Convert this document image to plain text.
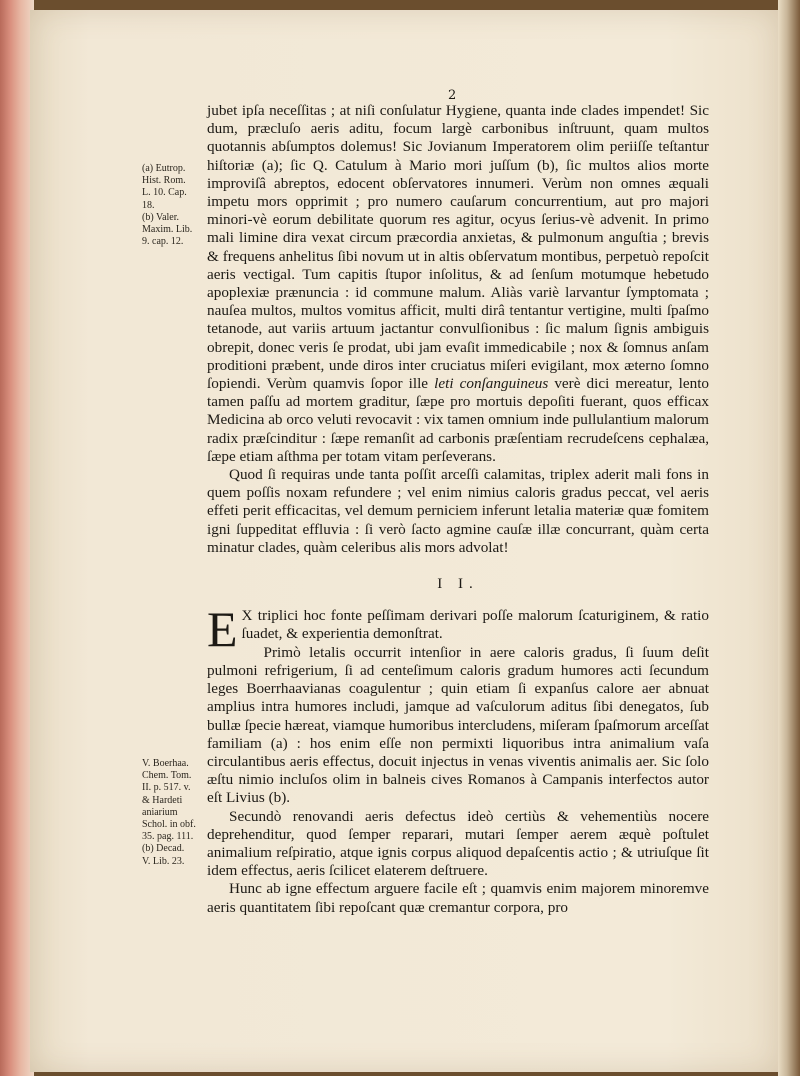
2
(a) Eutrop.
Hist. Rom.
L. 10. Cap.
18.
(b) Valer.
Maxim. Lib.
9. cap. 12.
V. Boerhaa.
Chem. Tom.
II. p. 517. v.
& Hardeti
aniarium
Schol. in obf.
35. pag. 111.
(b) Decad.
V. Lib. 23.

jubet ipſa neceſſitas ; at niſi conſulatur Hygiene, quanta inde clades impendet! Sic dum, præcluſo aeris aditu, focum largè carbonibus inſtruunt, quam multos quotannis abſumptos dolemus! Sic Jovianum Imperatorem olim periiſſe teſtantur hiſtoriæ (a); ſic Q. Catulum à Mario mori juſſum (b), ſic multos alios morte improviſâ abreptos, edocent obſervatores innumeri. Verùm non omnes æquali impetu mors opprimit ; pro numero cauſarum concurrentium, aut pro majori minori-vè eorum debilitate quorum res agitur, ocyus ſerius-vè advenit. In primo mali limine dira vexat circum præcordia anxietas, & pulmonum anguſtia ; brevis & frequens anhelitus ſibi novum ut in altis obſervatum montibus, perpetuò repoſcit aeris vectigal. Tum capitis ſtupor inſolitus, & ad ſenſum motumque hebetudo apoplexiæ prænuncia : id commune malum. Aliàs variè larvantur ſymptomata ; nauſea multos, multos vomitus afficit, multi dirâ tentantur vertigine, multi ſpaſmo tetanode, aut variis artuum jactantur convulſionibus : ſic malum ſignis ambiguis obrepit, donec veris ſe prodat, ubi jam evaſit immedicabile ; nox & ſomnus anſam proditioni præbent, unde diros inter cruciatus miſeri evigilant, mox æterno ſomno ſopiendi. Verùm quamvis ſopor ille leti conſanguineus verè dici mereatur, lento tamen paſſu ad mortem graditur, ſæpe pro mortuis depoſiti fuerant, quos efficax Medicina ab orco veluti revocavit : vix tamen omnium inde pullulantium malorum radix præſcinditur : ſæpe remanſit ad carbonis præſentiam recrudeſcens cephalæa, ſæpe etiam aſthma per totam vitam perſeverans.

Quod ſi requiras unde tanta poſſit arceſſi calamitas, triplex aderit mali fons in quem poſſis noxam refundere ; vel enim nimius caloris gradus peccat, vel aeris effeti perit efficacitas, vel demum perniciem inferunt letalia materiæ quæ fomitem igni ſuppeditat effluvia : ſi verò ſacto agmine cauſæ illæ concurrant, quàm certa minatur clades, quàm celeribus alis mors advolat!

I I.

E X triplici hoc fonte peſſimam derivari poſſe malorum ſcaturiginem, & ratio ſuadet, & experientia demonſtrat.

Primò letalis occurrit intenſior in aere caloris gradus, ſi ſuum deſit pulmoni refrigerium, ſi ad centeſimum caloris gradum humores acti ſecundum leges Boerrhaavianas coagulentur ; quin etiam ſi expanſus calore aer abnuat amplius intra humores includi, jamque ad vaſculorum aditus ſibi denegatos, ſub bullæ ſpecie hæreat, viamque humoribus intercludens, miſeram ſpaſmorum arceſſat familiam (a) : hos enim eſſe non permixti liquoribus intra animalium vaſa circulantibus aeris effectus, docuit injectus in venas viventis animalis aer. Sic ſolo æſtu nimio incluſos olim in balneis cives Romanos à Campanis interfectos autor eſt Livius (b).

Secundò renovandi aeris defectus ideò certiùs & vehementiùs nocere deprehenditur, quod ſemper reparari, mutari ſemper aerem æquè poſtulet animalium reſpiratio, atque ignis corpus aliquod depaſcentis actio ; & utriuſque ſit idem effectus, aeris ſcilicet elaterem deſtruere.

Hunc ab igne effectum arguere facile eſt ; quamvis enim majorem minoremve aeris quantitatem ſibi repoſcant quæ cremantur corpora, pro
